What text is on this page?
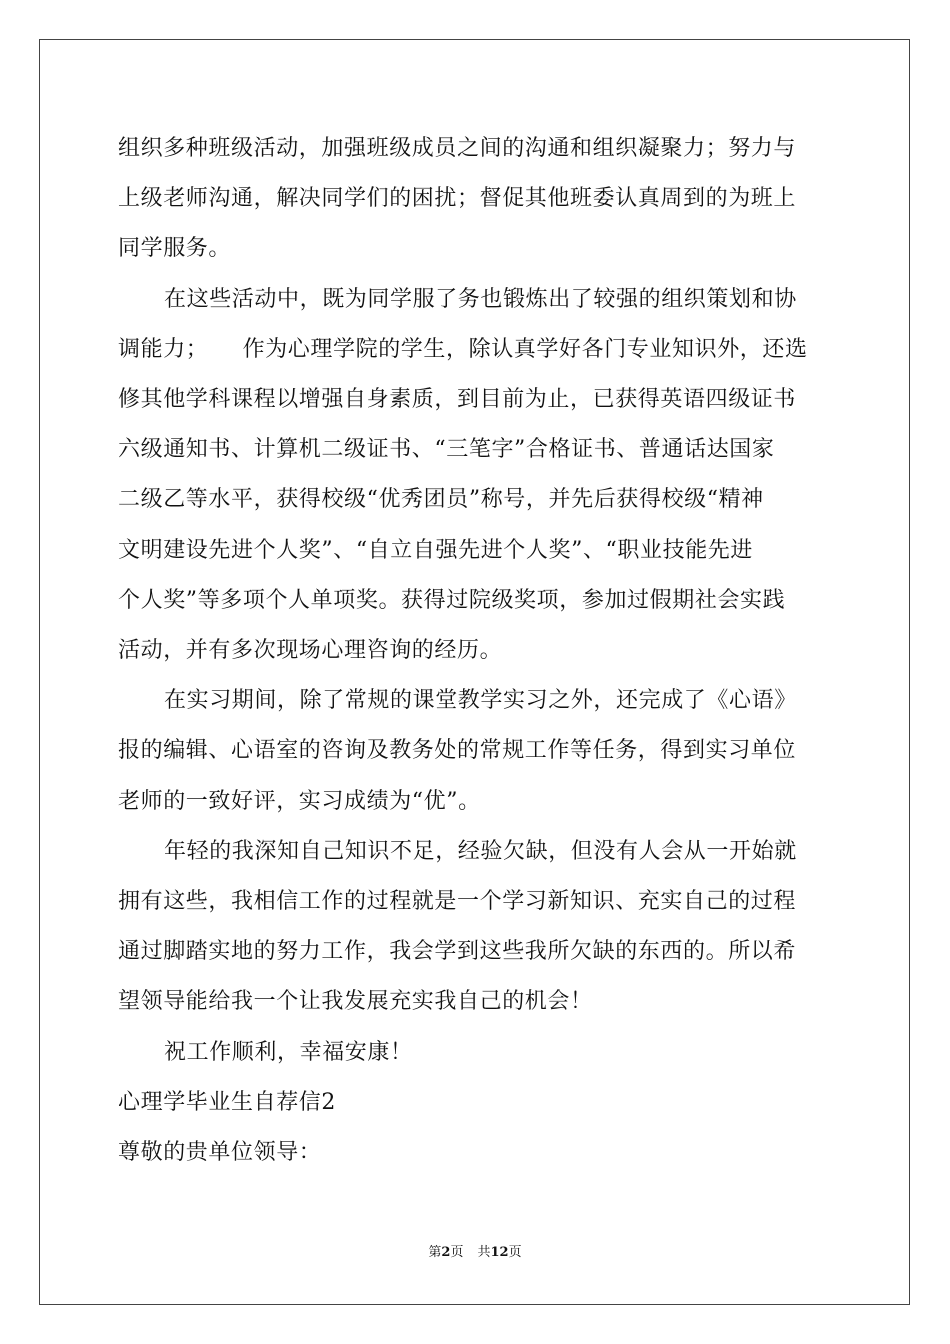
组织多种班级活动，加强班级成员之间的沟通和组织凝聚力；努力与
上级老师沟通，解决同学们的困扰；督促其他班委认真周到的为班上
同学服务。
在这些活动中，既为同学服了务也锻炼出了较强的组织策划和协
调能力；　　作为心理学院的学生，除认真学好各门专业知识外，还选
修其他学科课程以增强自身素质，到目前为止，已获得英语四级证书
六级通知书、计算机二级证书、“三笔字”合格证书、普通话达国家
二级乙等水平，获得校级“优秀团员”称号，并先后获得校级“精神
文明建设先进个人奖”、“自立自强先进个人奖”、“职业技能先进
个人奖”等多项个人单项奖。获得过院级奖项，参加过假期社会实践
活动，并有多次现场心理咨询的经历。
在实习期间，除了常规的课堂教学实习之外，还完成了《心语》
报的编辑、心语室的咨询及教务处的常规工作等任务，得到实习单位
老师的一致好评，实习成绩为“优”。
年轻的我深知自己知识不足，经验欠缺，但没有人会从一开始就
拥有这些，我相信工作的过程就是一个学习新知识、充实自己的过程
通过脚踏实地的努力工作，我会学到这些我所欠缺的东西的。所以希
望领导能给我一个让我发展充实我自己的机会！
祝工作顺利，幸福安康！
心理学毕业生自荐信2
尊敬的贵单位领导：
第2页 共12页
